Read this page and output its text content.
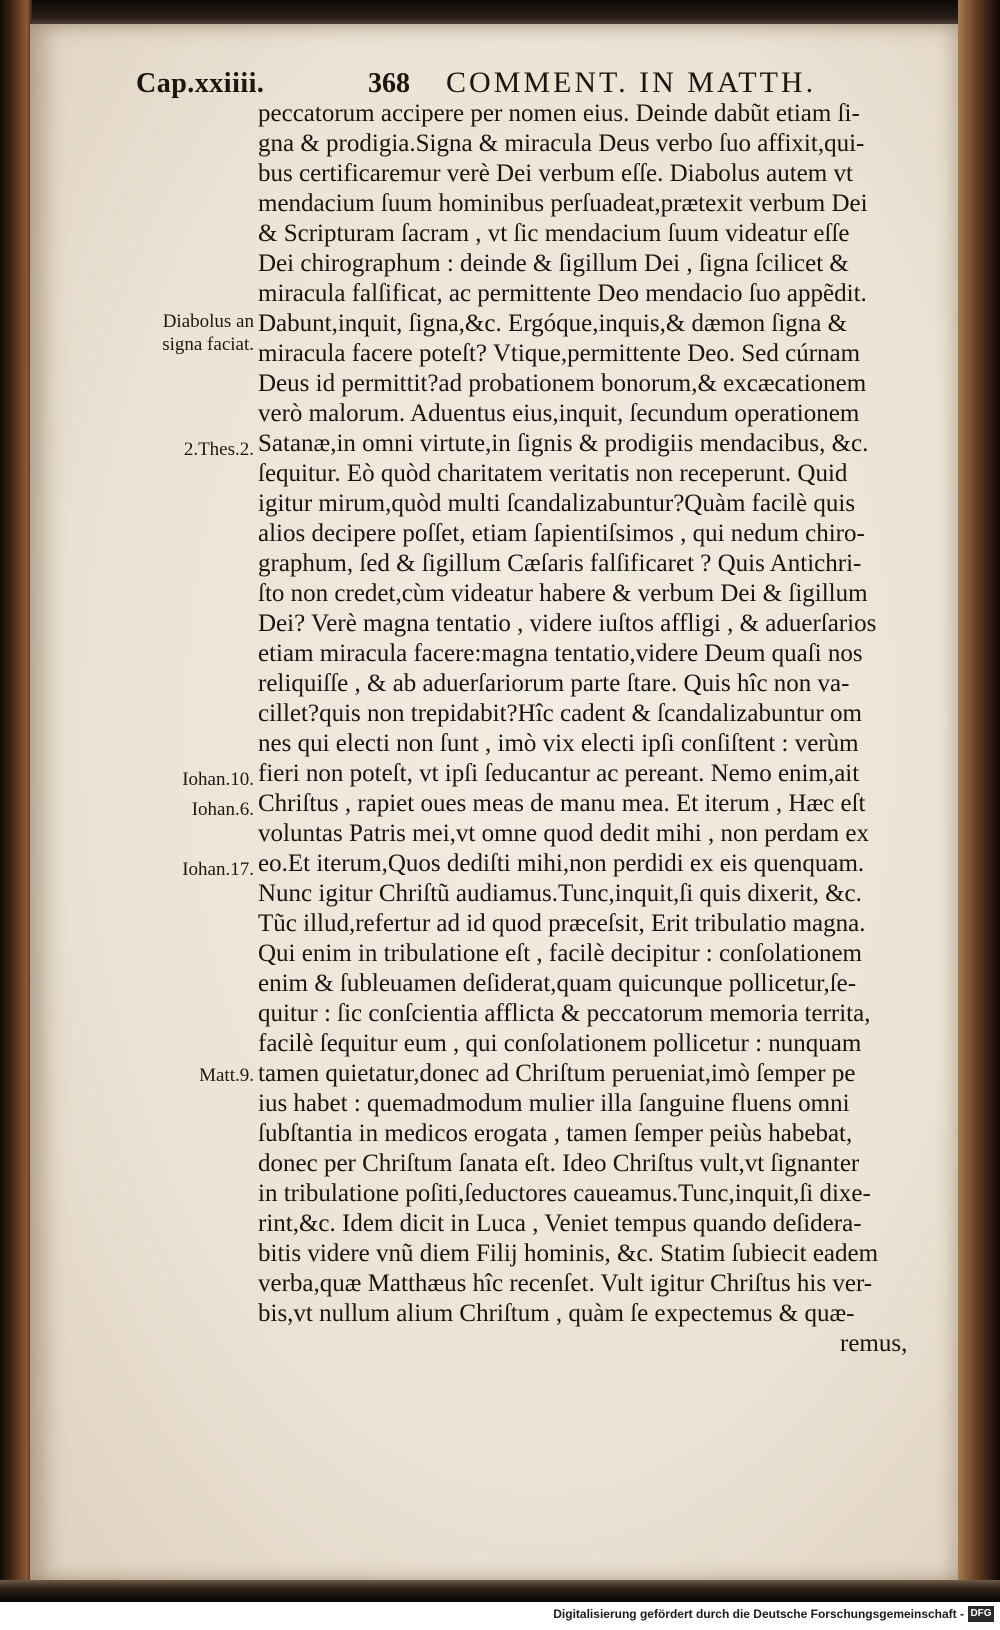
Cap.xxiiii.	368 COMMENT. IN MATTH.
Diabolus an signa faciat.
2.Thes.2.
Iohan.10.
Iohan.6.
Iohan.17.
Matt.9.
peccatorum accipere per nomen eius. Deinde dabũt etiam ſi-
gna & prodigia.Signa & miracula Deus verbo ſuo affixit,qui-
bus certificaremur verè Dei verbum eſſe. Diabolus autem vt
mendacium ſuum hominibus perſuadeat,prætexit verbum Dei
& Scripturam ſacram , vt ſic mendacium ſuum videatur eſſe
Dei chirographum : deinde & ſigillum Dei , ſigna ſcilicet &
miracula falſificat, ac permittente Deo mendacio ſuo appẽdit.
Dabunt,inquit, ſigna,&c. Ergóque,inquis,& dæmon ſigna &
miracula facere poteſt? Vtique,permittente Deo. Sed cúrnam
Deus id permittit?ad probationem bonorum,& excæcationem
verò malorum. Aduentus eius,inquit, ſecundum operationem
Satanæ,in omni virtute,in ſignis & prodigiis mendacibus, &c.
ſequitur. Eò quòd charitatem veritatis non receperunt. Quid
igitur mirum,quòd multi ſcandalizabuntur?Quàm facilè quis
alios decipere poſſet, etiam ſapientiſsimos , qui nedum chiro-
graphum, ſed & ſigillum Cæſaris falſificaret ? Quis Antichri-
ſto non credet,cùm videatur habere & verbum Dei & ſigillum
Dei? Verè magna tentatio , videre iuſtos affligi , & aduerſarios
etiam miracula facere:magna tentatio,videre Deum quaſi nos
reliquiſſe , & ab aduerſariorum parte ſtare. Quis hîc non va-
cillet?quis non trepidabit?Hîc cadent & ſcandalizabuntur om
nes qui electi non ſunt , imò vix electi ipſi conſiſtent : verùm
fieri non poteſt, vt ipſi ſeducantur ac pereant. Nemo enim,ait
Chriſtus , rapiet oues meas de manu mea. Et iterum , Hæc eſt
voluntas Patris mei,vt omne quod dedit mihi , non perdam ex
eo.Et iterum,Quos dediſti mihi,non perdidi ex eis quenquam.
Nunc igitur Chriſtũ audiamus.Tunc,inquit,ſi quis dixerit, &c.
Tũc illud,refertur ad id quod præceſsit, Erit tribulatio magna.
Qui enim in tribulatione eſt , facilè decipitur : conſolationem
enim & ſubleuamen deſiderat,quam quicunque pollicetur,ſe-
quitur : ſic conſcientia afflicta & peccatorum memoria territa,
facilè ſequitur eum , qui conſolationem pollicetur : nunquam
tamen quietatur,donec ad Chriſtum perueniat,imò ſemper pe
ius habet : quemadmodum mulier illa ſanguine fluens omni
ſubſtantia in medicos erogata , tamen ſemper peiùs habebat,
donec per Chriſtum ſanata eſt. Ideo Chriſtus vult,vt ſignanter
in tribulatione poſiti,ſeductores caueamus.Tunc,inquit,ſi dixe-
rint,&c. Idem dicit in Luca , Veniet tempus quando deſidera-
bitis videre vnũ diem Filij hominis, &c. Statim ſubiecit eadem
verba,quæ Matthæus hîc recenſet. Vult igitur Chriſtus his ver-
bis,vt nullum alium Chriſtum , quàm ſe expectemus & quæ-
remus,
Digitalisierung gefördert durch die Deutsche Forschungsgemeinschaft - DFG
